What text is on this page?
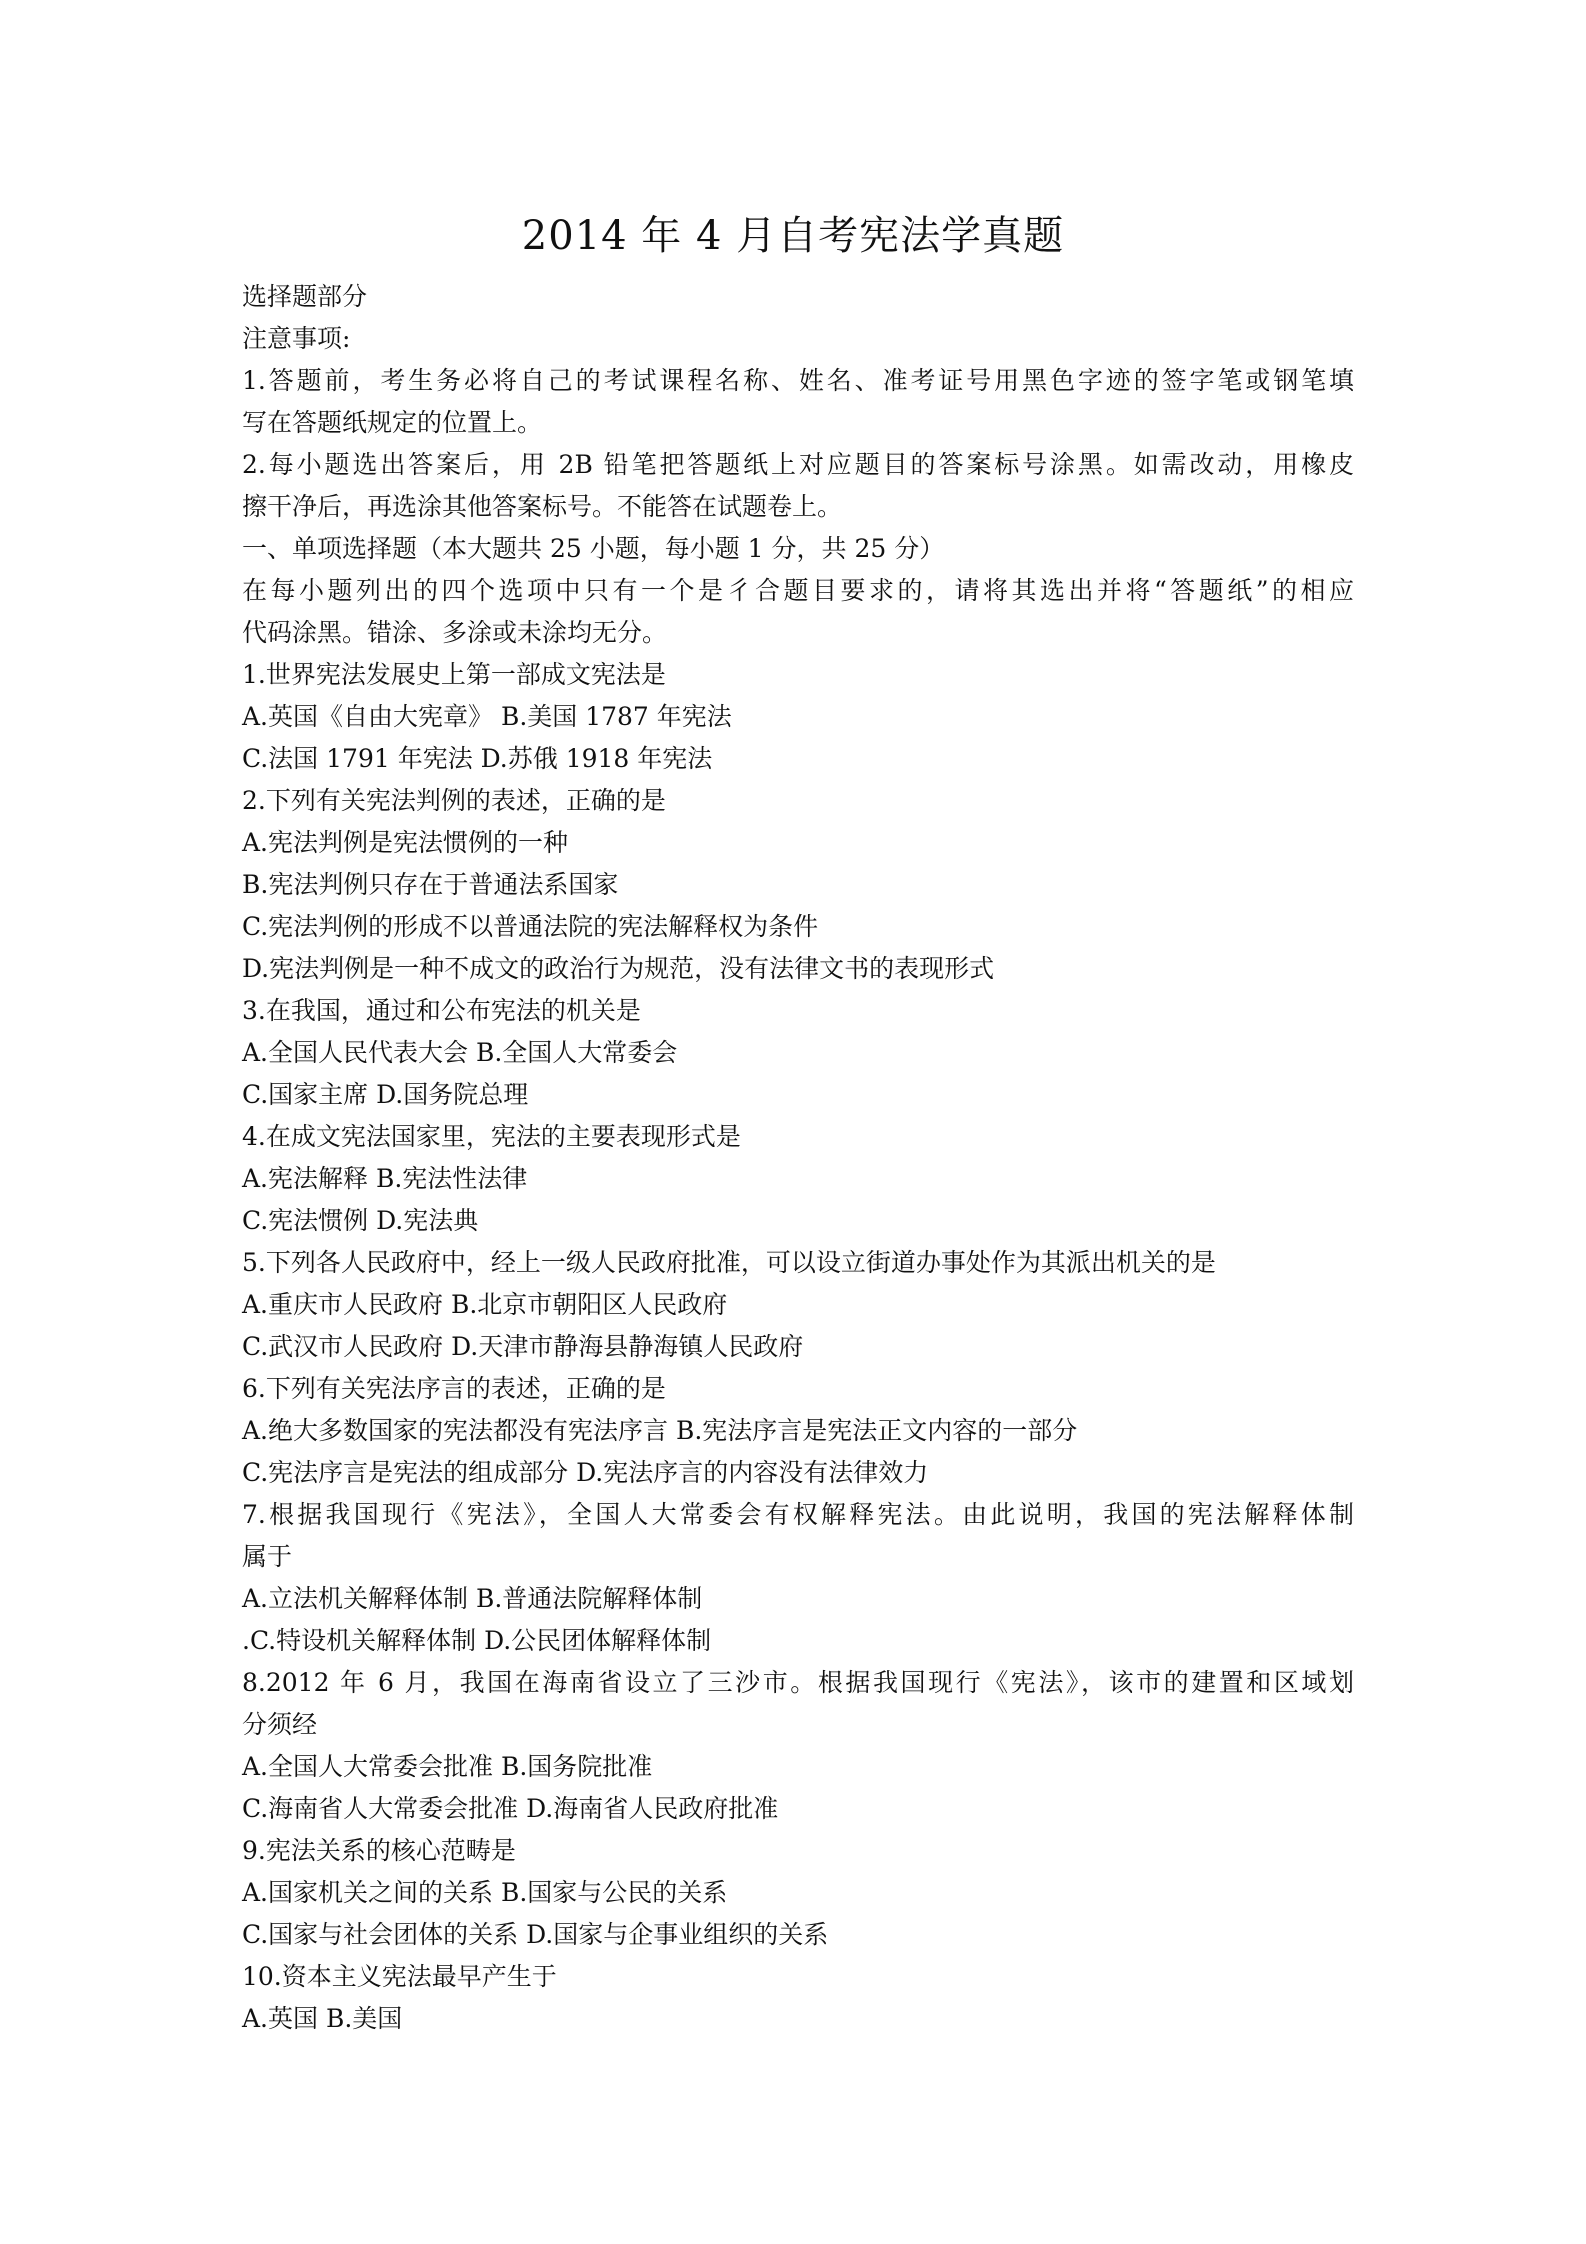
2014 年 4 月自考宪法学真题
选择题部分
注意事项:
1.答题前，考生务必将自己的考试课程名称、姓名、准考证号用黑色字迹的签字笔或钢笔填
写在答题纸规定的位置上。
2.每小题选出答案后，用 2B 铅笔把答题纸上对应题目的答案标号涂黑。如需改动，用橡皮
擦干净后，再选涂其他答案标号。不能答在试题卷上。
一、单项选择题（本大题共 25 小题，每小题 1 分，共 25 分）
在每小题列出的四个选项中只有一个是彳合题目要求的，请将其选出并将“答题纸”的相应
代码涂黑。错涂、多涂或未涂均无分。
1.世界宪法发展史上第一部成文宪法是
A.英国《自由大宪章》 B.美国 1787 年宪法
C.法国 1791 年宪法 D.苏俄 1918 年宪法
2.下列有关宪法判例的表述，正确的是
A.宪法判例是宪法惯例的一种
B.宪法判例只存在于普通法系国家
C.宪法判例的形成不以普通法院的宪法解释权为条件
D.宪法判例是一种不成文的政治行为规范，没有法律文书的表现形式
3.在我国，通过和公布宪法的机关是
A.全国人民代表大会 B.全国人大常委会
C.国家主席 D.国务院总理
4.在成文宪法国家里，宪法的主要表现形式是
A.宪法解释 B.宪法性法律
C.宪法惯例 D.宪法典
5.下列各人民政府中，经上一级人民政府批准，可以设立街道办事处作为其派出机关的是
A.重庆市人民政府 B.北京市朝阳区人民政府
C.武汉市人民政府 D.天津市静海县静海镇人民政府
6.下列有关宪法序言的表述，正确的是
A.绝大多数国家的宪法都没有宪法序言 B.宪法序言是宪法正文内容的一部分
C.宪法序言是宪法的组成部分 D.宪法序言的内容没有法律效力
7.根据我国现行《宪法》，全国人大常委会有权解释宪法。由此说明，我国的宪法解释体制
属于
A.立法机关解释体制 B.普通法院解释体制
.C.特设机关解释体制 D.公民团体解释体制
8.2012 年 6 月，我国在海南省设立了三沙市。根据我国现行《宪法》，该市的建置和区域划
分须经
A.全国人大常委会批准 B.国务院批准
C.海南省人大常委会批准 D.海南省人民政府批准
9.宪法关系的核心范畴是
A.国家机关之间的关系 B.国家与公民的关系
C.国家与社会团体的关系 D.国家与企事业组织的关系
10.资本主义宪法最早产生于
A.英国 B.美国
